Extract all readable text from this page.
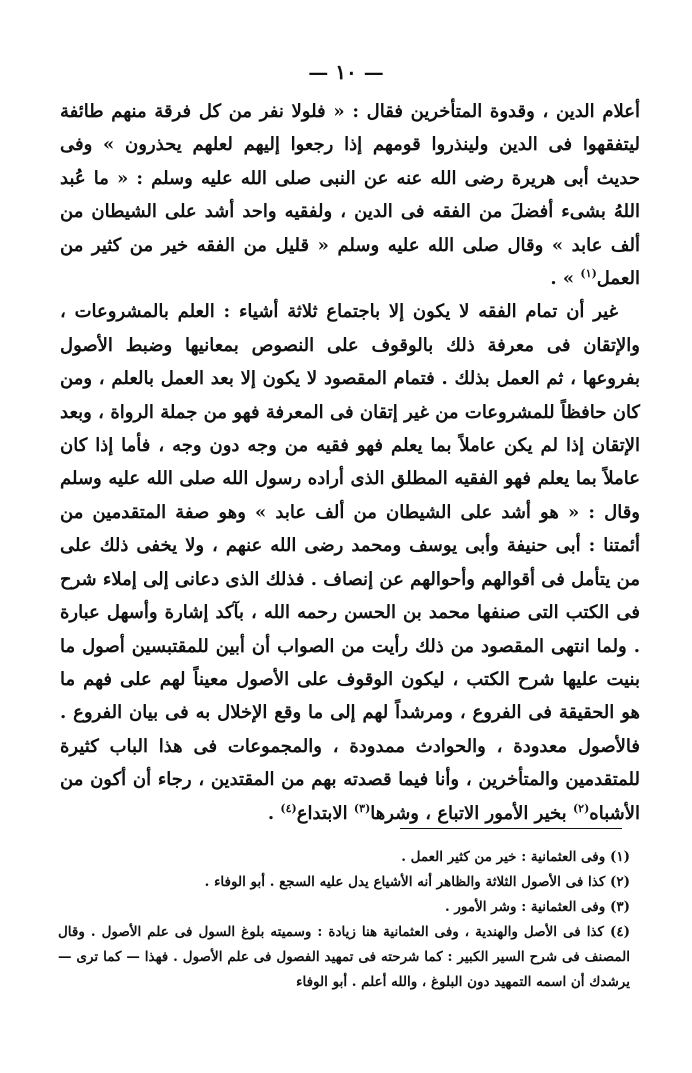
— ١٠ —

أعلام الدين ، وقدوة المتأخرين فقال : « فلولا نفر من كل فرقة منهم طائفة ليتفقهوا فى الدين ولينذروا قومهم إذا رجعوا إليهم لعلهم يحذرون » وفى حديث أبى هريرة رضى الله عنه عن النبى صلى الله عليه وسلم : « ما عُبد اللهُ بشىء أفضلَ من الفقه فى الدين ، ولفقيه واحد أشد على الشيطان من ألف عابد » وقال صلى الله عليه وسلم « قليل من الفقه خير من كثير من العمل$^{(١)}$ » .

غير أن تمام الفقه لا يكون إلا باجتماع ثلاثة أشياء : العلم بالمشروعات ، والإتقان فى معرفة ذلك بالوقوف على النصوص بمعانيها وضبط الأصول بفروعها ، ثم العمل بذلك . فتمام المقصود لا يكون إلا بعد العمل بالعلم ، ومن كان حافظاً للمشروعات من غير إتقان فى المعرفة فهو من جملة الرواة ، وبعد الإتقان إذا لم يكن عاملاً بما يعلم فهو فقيه من وجه دون وجه ، فأما إذا كان عاملاً بما يعلم فهو الفقيه المطلق الذى أراده رسول الله صلى الله عليه وسلم وقال : « هو أشد على الشيطان من ألف عابد » وهو صفة المتقدمين من أئمتنا : أبى حنيفة وأبى يوسف ومحمد رضى الله عنهم ، ولا يخفى ذلك على من يتأمل فى أقوالهم وأحوالهم عن إنصاف . فذلك الذى دعانى إلى إملاء شرح فى الكتب التى صنفها محمد بن الحسن رحمه الله ، بآكد إشارة وأسهل عبارة . ولما انتهى المقصود من ذلك رأيت من الصواب أن أبين للمقتبسين أصول ما بنيت عليها شرح الكتب ، ليكون الوقوف على الأصول معيناً لهم على فهم ما هو الحقيقة فى الفروع ، ومرشداً لهم إلى ما وقع الإخلال به فى بيان الفروع . فالأصول معدودة ، والحوادث ممدودة ، والمجموعات فى هذا الباب كثيرة للمتقدمين والمتأخرين ، وأنا فيما قصدته بهم من المقتدين ، رجاء أن أكون من الأشباه$^{(٢)}$ بخير الأمور الاتباع ، وشرها$^{(٣)}$ الابتداع$^{(٤)}$ .

(١) وفى العثمانية : خير من كثير العمل .

(٢) كذا فى الأصول الثلاثة والظاهر أنه الأشياع يدل عليه السجع . أبو الوفاء .

(٣) وفى العثمانية : وشر الأمور .

(٤) كذا فى الأصل والهندية ، وفى العثمانية هنا زيادة : وسميته بلوغ السول فى علم الأصول . وقال المصنف فى شرح السير الكبير : كما شرحته فى تمهيد الفصول فى علم الأصول . فهذا — كما ترى — يرشدك أن اسمه التمهيد دون البلوغ ، والله أعلم . أبو الوفاء
